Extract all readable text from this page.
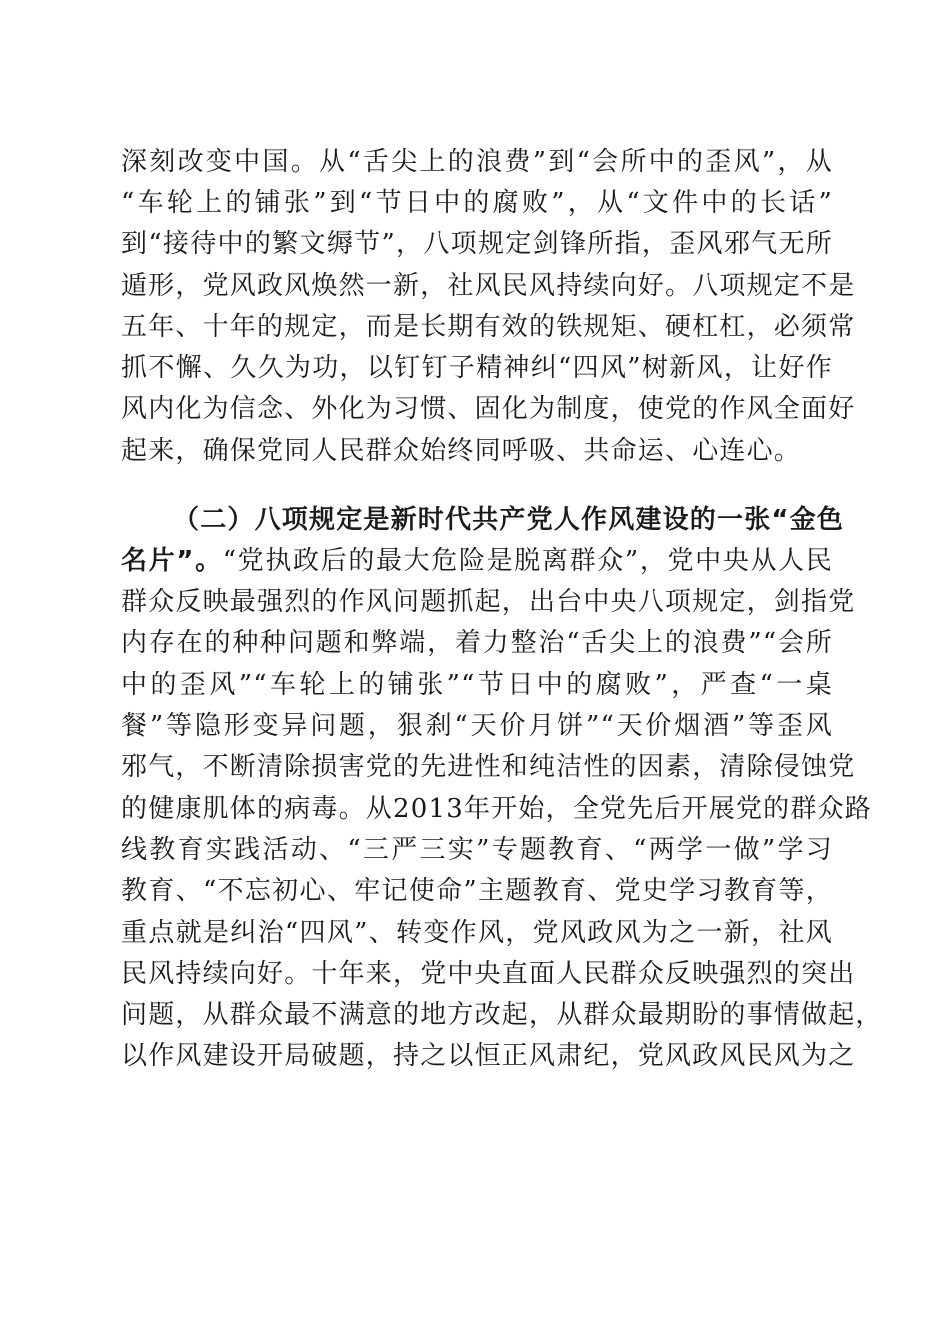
深刻改变中国。从“舌尖上的浪费”到“会所中的歪风”，从
“车轮上的铺张”到“节日中的腐败”，从“文件中的长话”
到“接待中的繁文缛节”，八项规定剑锋所指，歪风邪气无所
遁形，党风政风焕然一新，社风民风持续向好。八项规定不是
五年、十年的规定，而是长期有效的铁规矩、硬杠杠，必须常
抓不懈、久久为功，以钉钉子精神纠“四风”树新风，让好作
风内化为信念、外化为习惯、固化为制度，使党的作风全面好
起来，确保党同人民群众始终同呼吸、共命运、心连心。
（二）八项规定是新时代共产党人作风建设的一张“金色
名片”。“党执政后的最大危险是脱离群众”，党中央从人民
群众反映最强烈的作风问题抓起，出台中央八项规定，剑指党
内存在的种种问题和弊端，着力整治“舌尖上的浪费”“会所
中的歪风”“车轮上的铺张”“节日中的腐败”，严查“一桌
餐”等隐形变异问题，狠刹“天价月饼”“天价烟酒”等歪风
邪气，不断清除损害党的先进性和纯洁性的因素，清除侵蚀党
的健康肌体的病毒。从2013年开始，全党先后开展党的群众路
线教育实践活动、“三严三实”专题教育、“两学一做”学习
教育、“不忘初心、牢记使命”主题教育、党史学习教育等，
重点就是纠治“四风”、转变作风，党风政风为之一新，社风
民风持续向好。十年来，党中央直面人民群众反映强烈的突出
问题，从群众最不满意的地方改起，从群众最期盼的事情做起，
以作风建设开局破题，持之以恒正风肃纪，党风政风民风为之
